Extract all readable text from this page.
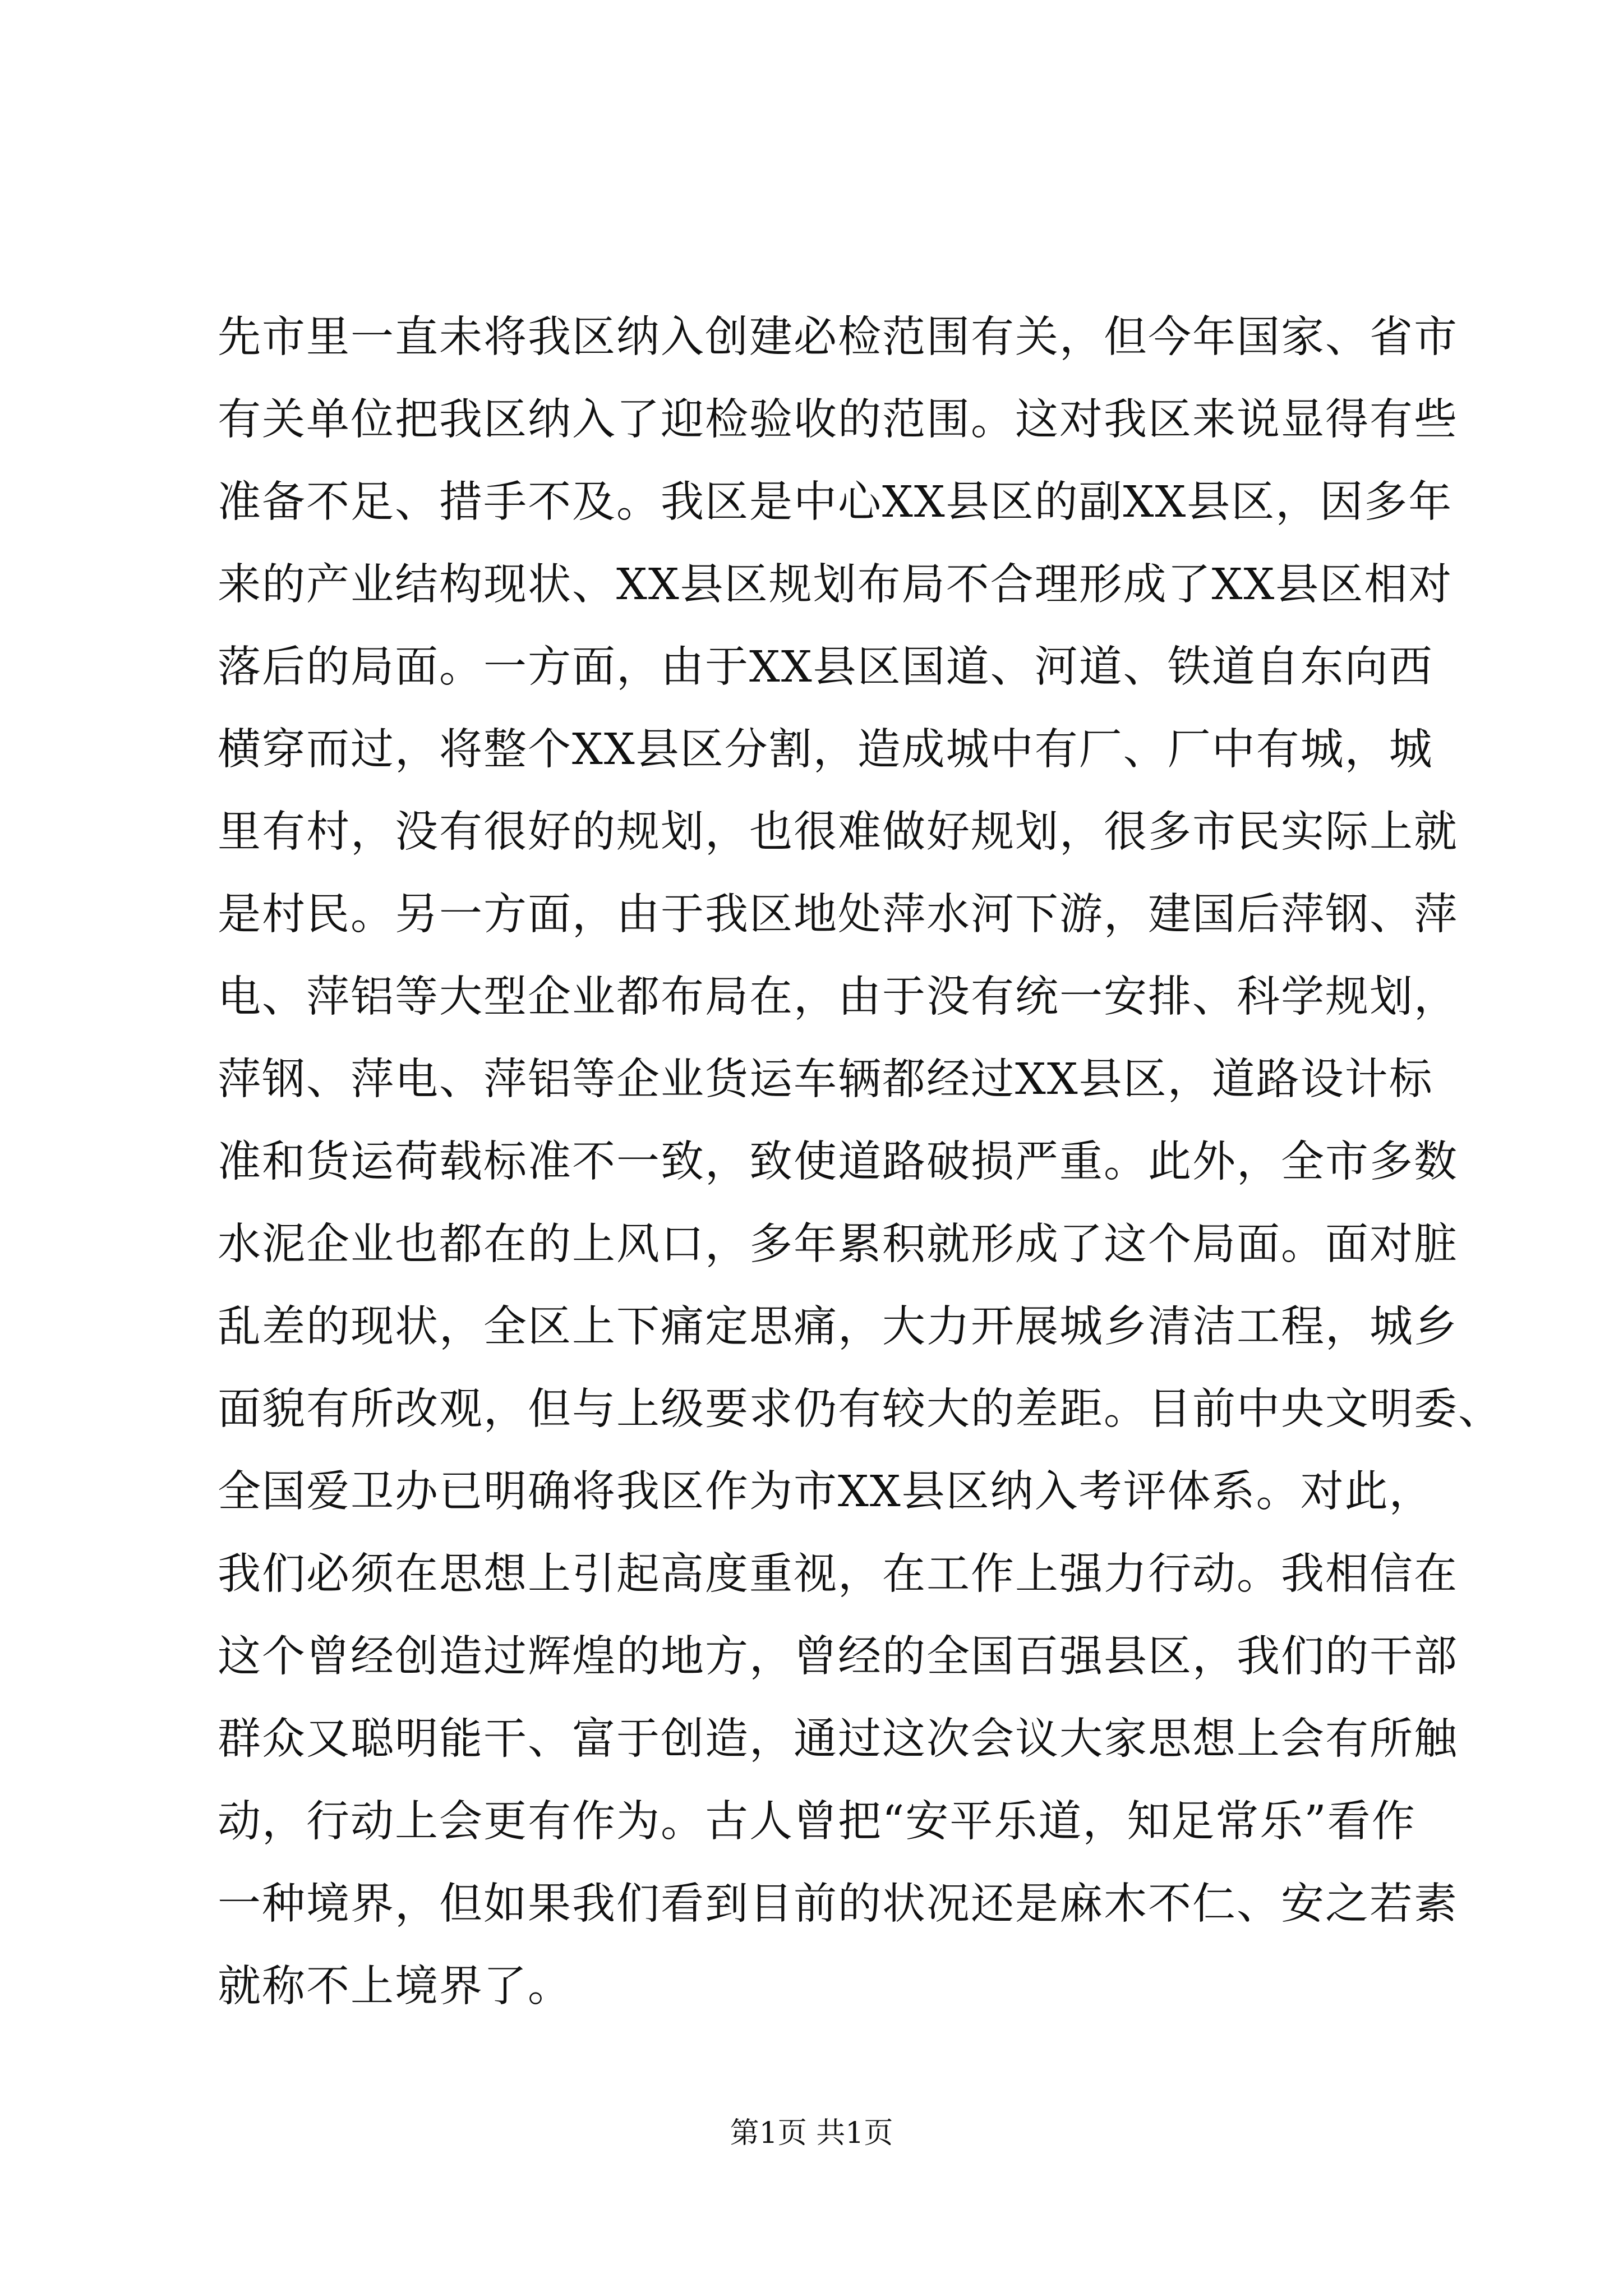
先市里一直未将我区纳入创建必检范围有关，但今年国家、省市
有关单位把我区纳入了迎检验收的范围。这对我区来说显得有些
准备不足、措手不及。我区是中心XX县区的副XX县区，因多年
来的产业结构现状、XX县区规划布局不合理形成了XX县区相对
落后的局面。一方面，由于XX县区国道、河道、铁道自东向西
横穿而过，将整个XX县区分割，造成城中有厂、厂中有城，城
里有村，没有很好的规划，也很难做好规划，很多市民实际上就
是村民。另一方面，由于我区地处萍水河下游，建国后萍钢、萍
电、萍铝等大型企业都布局在，由于没有统一安排、科学规划，
萍钢、萍电、萍铝等企业货运车辆都经过XX县区，道路设计标
准和货运荷载标准不一致，致使道路破损严重。此外，全市多数
水泥企业也都在的上风口，多年累积就形成了这个局面。面对脏
乱差的现状，全区上下痛定思痛，大力开展城乡清洁工程，城乡
面貌有所改观，但与上级要求仍有较大的差距。目前中央文明委、
全国爱卫办已明确将我区作为市XX县区纳入考评体系。对此，
我们必须在思想上引起高度重视，在工作上强力行动。我相信在
这个曾经创造过辉煌的地方，曾经的全国百强县区，我们的干部
群众又聪明能干、富于创造，通过这次会议大家思想上会有所触
动，行动上会更有作为。古人曾把“安平乐道，知足常乐”看作
一种境界，但如果我们看到目前的状况还是麻木不仁、安之若素
就称不上境界了。
第1页 共1页
